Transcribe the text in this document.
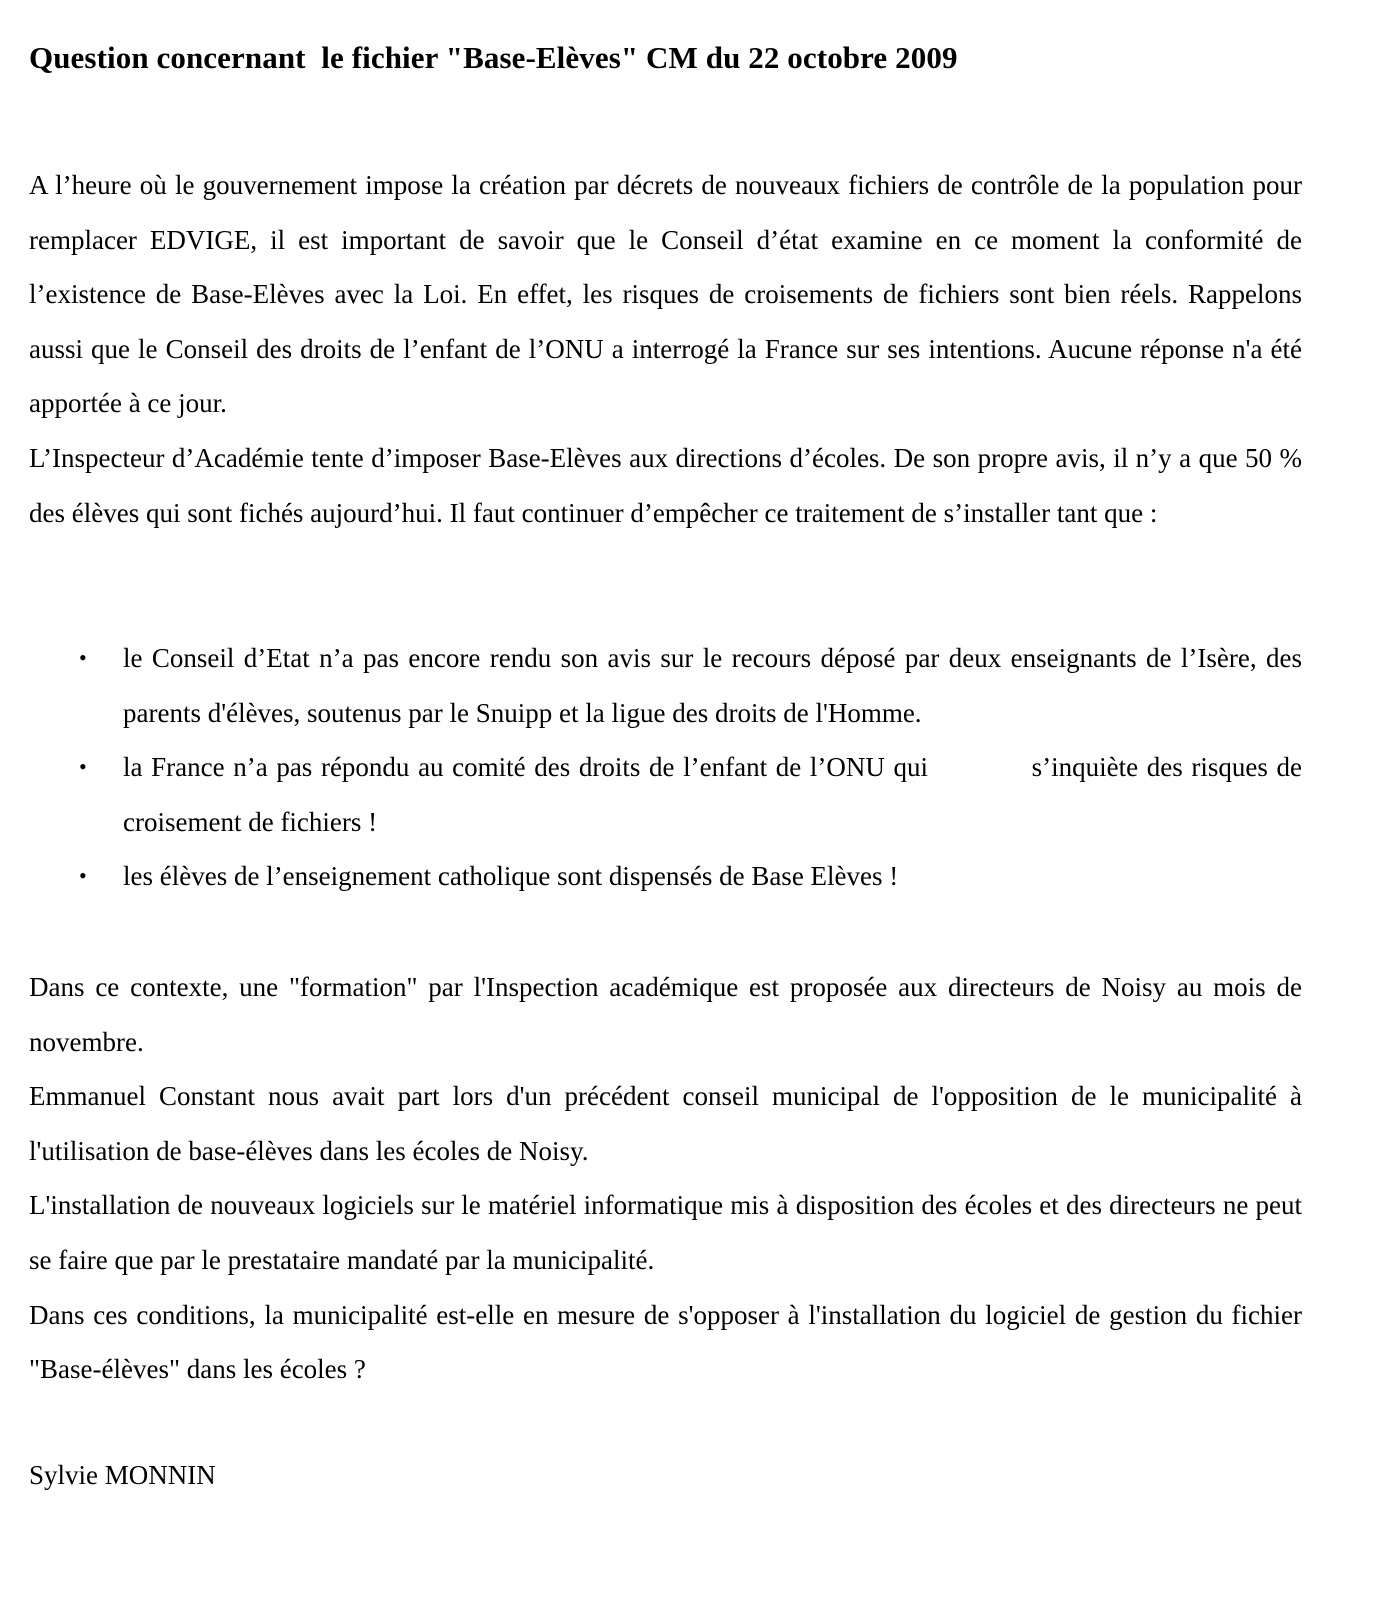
Question concernant  le fichier "Base-Elèves" CM du 22 octobre 2009

A l’heure où le gouvernement impose la création par décrets de nouveaux fichiers de contrôle de la population pour remplacer EDVIGE, il est important de savoir que le Conseil d’état examine en ce moment la conformité de l’existence de Base-Elèves avec la Loi. En effet, les risques de croisements de fichiers sont bien réels. Rappelons aussi que le Conseil des droits de l’enfant de l’ONU a interrogé la France sur ses intentions. Aucune réponse n'a été apportée à ce jour.

L’Inspecteur d’Académie tente d’imposer Base-Elèves aux directions d’écoles. De son propre avis, il n’y a que 50 % des élèves qui sont fichés aujourd’hui. Il faut continuer d’empêcher ce traitement de s’installer tant que :

•	le Conseil d’Etat n’a pas encore rendu son avis sur le recours déposé par deux enseignants de l’Isère, des parents d'élèves, soutenus par le Snuipp et la ligue des droits de l'Homme.
•	la France n’a pas répondu au comité des droits de l’enfant de l’ONU qui	s’inquiète des risques de croisement de fichiers !
•	les élèves de l’enseignement catholique sont dispensés de Base Elèves !

Dans ce contexte, une "formation" par l'Inspection académique est proposée aux directeurs de Noisy au mois de novembre.

Emmanuel Constant nous avait part lors d'un précédent conseil municipal de l'opposition de le municipalité à l'utilisation de base-élèves dans les écoles de Noisy.

L'installation de nouveaux logiciels sur le matériel informatique mis à disposition des écoles et des directeurs ne peut se faire que par le prestataire mandaté par la municipalité.

Dans ces conditions, la municipalité est-elle en mesure de s'opposer à l'installation du logiciel de gestion du fichier "Base-élèves" dans les écoles ?

Sylvie MONNIN
